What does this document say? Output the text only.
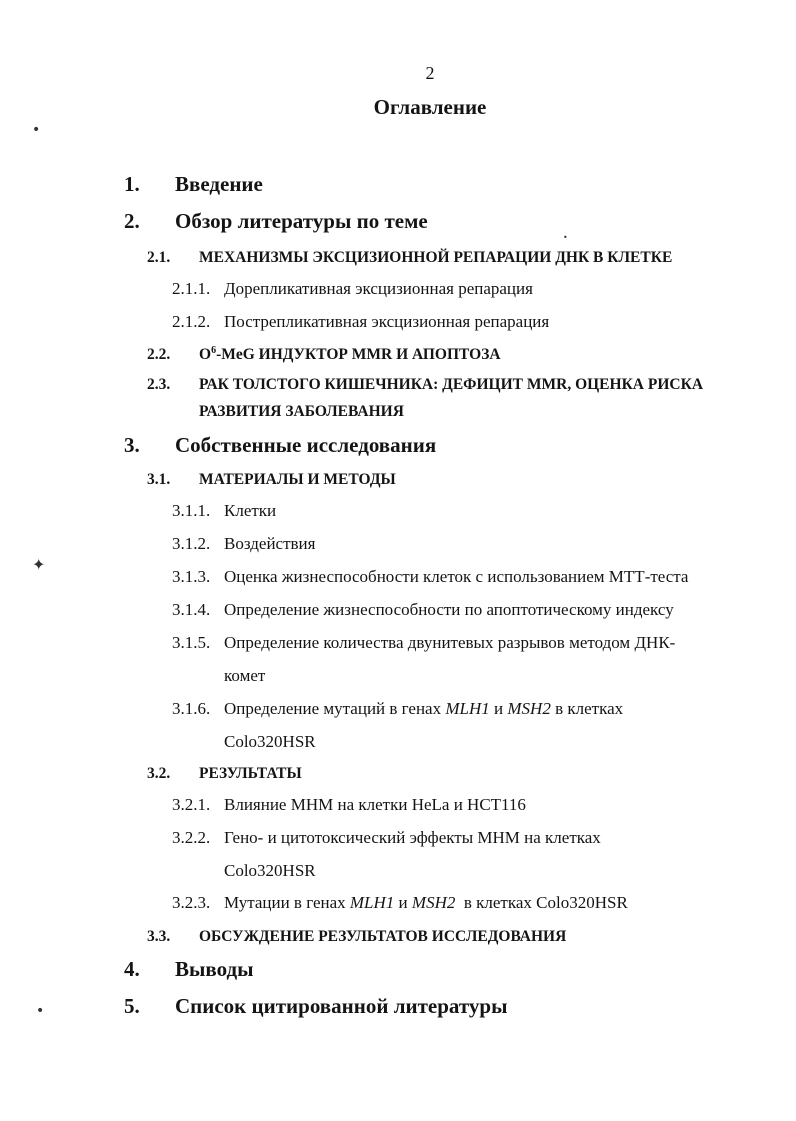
2
Оглавление
1. Введение
2. Обзор литературы по теме
2.1. МЕХАНИЗМЫ ЭКСЦИЗИОННОЙ РЕПАРАЦИИ ДНК В КЛЕТКЕ
2.1.1. Дорепликативная эксцизионная репарация
2.1.2. Пострепликативная эксцизионная репарация
2.2. $O^6$-MeG ИНДУКТОР MMR И АПОПТОЗА
2.3. РАК ТОЛСТОГО КИШЕЧНИКА: ДЕФИЦИТ MMR, ОЦЕНКА РИСКА
РАЗВИТИЯ ЗАБОЛЕВАНИЯ
3. Собственные исследования
3.1. МАТЕРИАЛЫ И МЕТОДЫ
3.1.1. Клетки
3.1.2. Воздействия
3.1.3. Оценка жизнеспособности клеток с использованием МТТ-теста
3.1.4. Определение жизнеспособности по апоптотическому индексу
3.1.5. Определение количества двунитевых разрывов методом ДНК-
комет
3.1.6. Определение мутаций в генах MLH1 и MSH2 в клетках
Colo320HSR
3.2. РЕЗУЛЬТАТЫ
3.2.1. Влияние МНМ на клетки HeLa и HCT116
3.2.2. Гено- и цитотоксический эффекты МНМ на клетках
Colo320HSR
3.2.3. Мутации в генах MLH1 и MSH2  в клетках Colo320HSR
3.3. ОБСУЖДЕНИЕ РЕЗУЛЬТАТОВ ИССЛЕДОВАНИЯ
4. Выводы
5. Список цитированной литературы
•
✦
•
•
